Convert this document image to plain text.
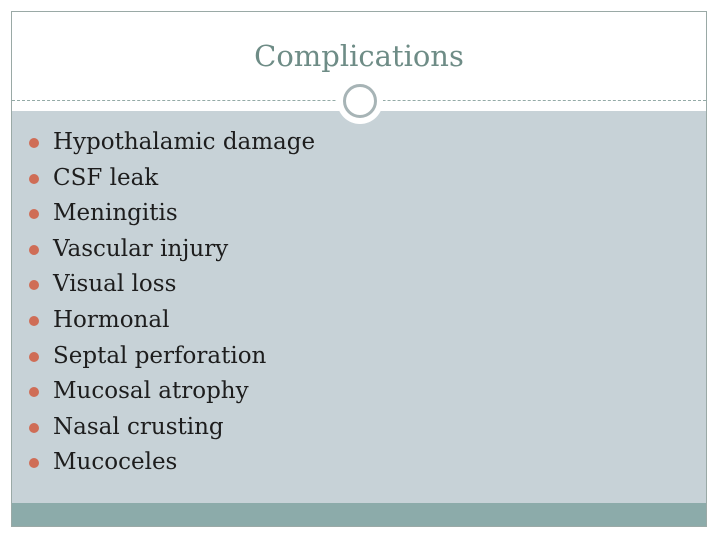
Complications
Hypothalamic damage
CSF leak
Meningitis
Vascular injury
Visual loss
Hormonal
Septal perforation
Mucosal atrophy
Nasal crusting
Mucoceles
